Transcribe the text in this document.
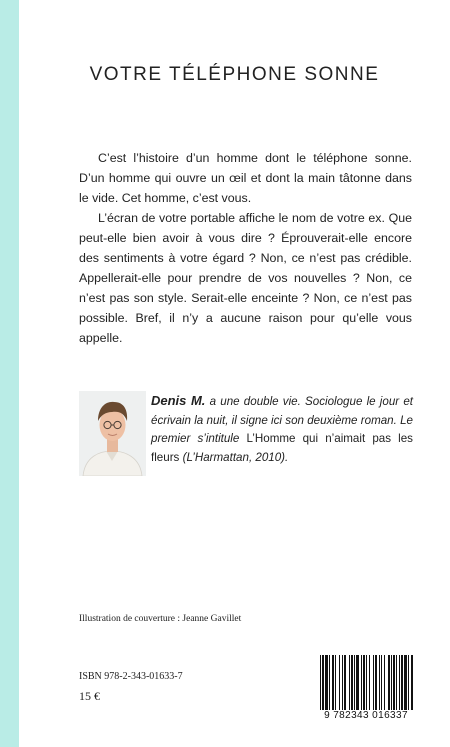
VOTRE TÉLÉPHONE SONNE

C’est l’histoire d’un homme dont le téléphone sonne. D’un homme qui ouvre un œil et dont la main tâtonne dans le vide. Cet homme, c’est vous.

L’écran de votre portable affiche le nom de votre ex. Que peut-elle bien avoir à vous dire ? Éprouverait-elle encore des sentiments à votre égard ? Non, ce n’est pas crédible. Appellerait-elle pour prendre de vos nouvelles ? Non, ce n’est pas son style. Serait-elle enceinte ? Non, ce n’est pas possible. Bref, il n’y a aucune raison pour qu’elle vous appelle.

Denis M. a une double vie. Sociologue le jour et écrivain la nuit, il signe ici son deuxième roman. Le premier s’intitule L’Homme qui n’aimait pas les fleurs (L’Harmattan, 2010).
Illustration de couverture : Jeanne Gavillet
ISBN 978-2-343-01633-7
15 €
9 782343 016337
